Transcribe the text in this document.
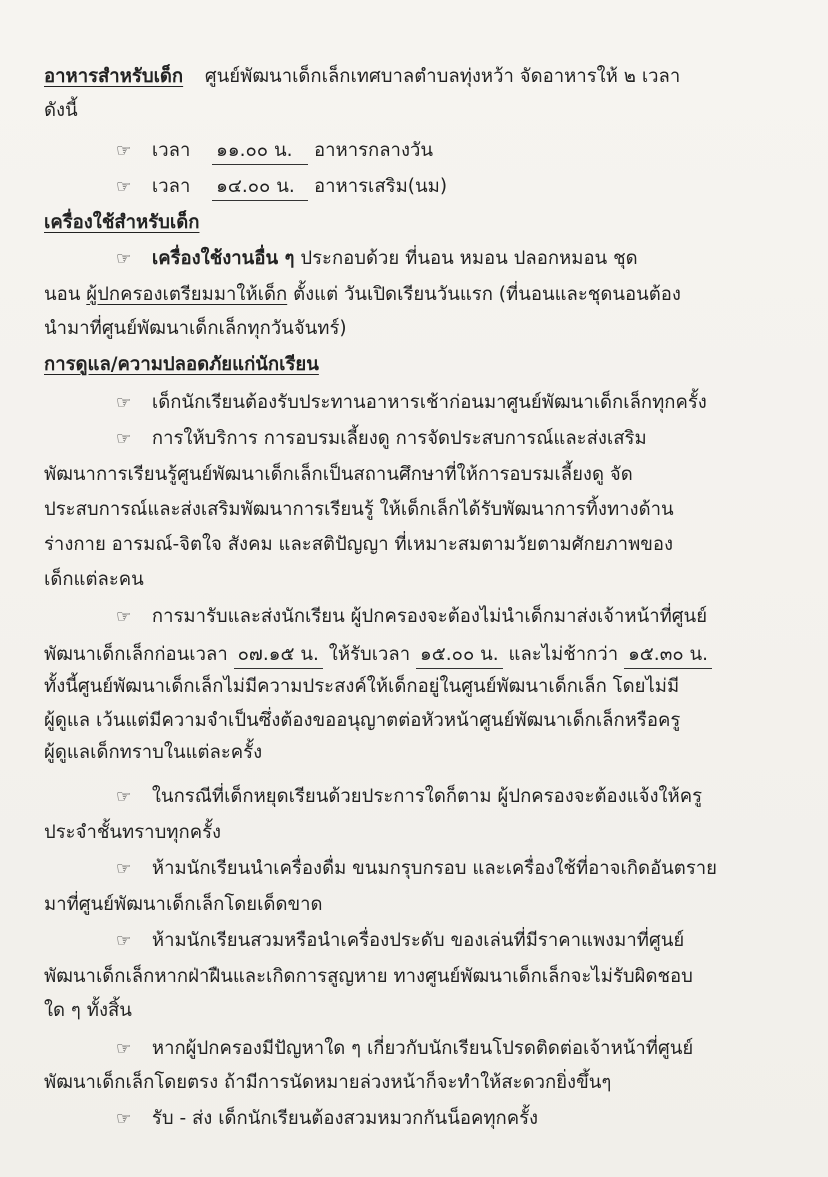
อาหารสำหรับเด็ก ศูนย์พัฒนาเด็กเล็กเทศบาลตำบลทุ่งหว้า จัดอาหารให้ ๒ เวลา
ดังนี้
☞ เวลา ๑๑.๐๐ น. อาหารกลางวัน
☞ เวลา ๑๔.๐๐ น. อาหารเสริม(นม)
เครื่องใช้สำหรับเด็ก
☞ เครื่องใช้งานอื่น ๆ ประกอบด้วย ที่นอน หมอน ปลอกหมอน ชุด
นอน ผู้ปกครองเตรียมมาให้เด็ก ตั้งแต่ วันเปิดเรียนวันแรก (ที่นอนและชุดนอนต้อง
นำมาที่ศูนย์พัฒนาเด็กเล็กทุกวันจันทร์)
การดูแล/ความปลอดภัยแก่นักเรียน
☞ เด็กนักเรียนต้องรับประทานอาหารเช้าก่อนมาศูนย์พัฒนาเด็กเล็กทุกครั้ง
☞ การให้บริการ การอบรมเลี้ยงดู การจัดประสบการณ์และส่งเสริม
พัฒนาการเรียนรู้ศูนย์พัฒนาเด็กเล็กเป็นสถานศึกษาที่ให้การอบรมเลี้ยงดู จัด
ประสบการณ์และส่งเสริมพัฒนาการเรียนรู้ ให้เด็กเล็กได้รับพัฒนาการทิ้งทางด้าน
ร่างกาย อารมณ์-จิตใจ สังคม และสติปัญญา ที่เหมาะสมตามวัยตามศักยภาพของ
เด็กแต่ละคน
☞ การมารับและส่งนักเรียน ผู้ปกครองจะต้องไม่นำเด็กมาส่งเจ้าหน้าที่ศูนย์
พัฒนาเด็กเล็กก่อนเวลา ๐๗.๑๕ น. ให้รับเวลา ๑๕.๐๐ น. และไม่ช้ากว่า ๑๕.๓๐ น.
ทั้งนี้ศูนย์พัฒนาเด็กเล็กไม่มีความประสงค์ให้เด็กอยู่ในศูนย์พัฒนาเด็กเล็ก โดยไม่มี
ผู้ดูแล เว้นแต่มีความจำเป็นซึ่งต้องขออนุญาตต่อหัวหน้าศูนย์พัฒนาเด็กเล็กหรือครู
ผู้ดูแลเด็กทราบในแต่ละครั้ง
☞ ในกรณีที่เด็กหยุดเรียนด้วยประการใดก็ตาม ผู้ปกครองจะต้องแจ้งให้ครู
ประจำชั้นทราบทุกครั้ง
☞ ห้ามนักเรียนนำเครื่องดื่ม ขนมกรุบกรอบ และเครื่องใช้ที่อาจเกิดอันตราย
มาที่ศูนย์พัฒนาเด็กเล็กโดยเด็ดขาด
☞ ห้ามนักเรียนสวมหรือนำเครื่องประดับ ของเล่นที่มีราคาแพงมาที่ศูนย์
พัฒนาเด็กเล็กหากฝ่าฝืนและเกิดการสูญหาย ทางศูนย์พัฒนาเด็กเล็กจะไม่รับผิดชอบ
ใด ๆ ทั้งสิ้น
☞ หากผู้ปกครองมีปัญหาใด ๆ เกี่ยวกับนักเรียนโปรดติดต่อเจ้าหน้าที่ศูนย์
พัฒนาเด็กเล็กโดยตรง ถ้ามีการนัดหมายล่วงหน้าก็จะทำให้สะดวกยิ่งขึ้นๆ
☞ รับ - ส่ง เด็กนักเรียนต้องสวมหมวกกันน็อคทุกครั้ง
